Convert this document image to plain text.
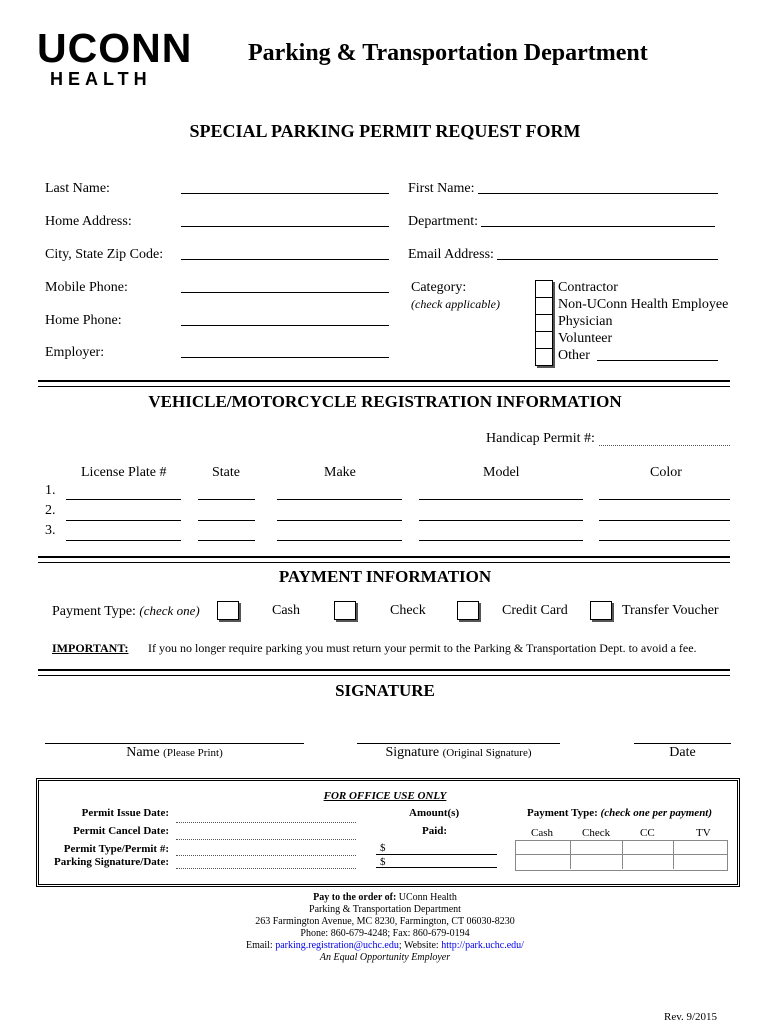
UCONN
HEALTH
Parking & Transportation Department
SPECIAL PARKING PERMIT REQUEST FORM
Last Name:	First Name:
Home Address:	Department:
City, State Zip Code:	Email Address:
Mobile Phone:
Home Phone:
Employer:
Category:
(check applicable)
Contractor
Non-UConn Health Employee
Physician
Volunteer
Other
VEHICLE/MOTORCYCLE REGISTRATION INFORMATION
Handicap Permit #:
License Plate #	State	Make	Model	Color
1.
2.
3.
PAYMENT INFORMATION
Payment Type: (check one)	Cash	Check	Credit Card	Transfer Voucher
IMPORTANT: If you no longer require parking you must return your permit to the Parking & Transportation Dept. to avoid a fee.
SIGNATURE
Name (Please Print)	Signature (Original Signature)	Date
FOR OFFICE USE ONLY
Permit Issue Date:
Permit Cancel Date:
Permit Type/Permit #:
Parking Signature/Date:
Amount(s)
Paid:
$
$
Payment Type: (check one per payment)
Cash	Check	CC	TV
Pay to the order of: UConn Health
Parking & Transportation Department
263 Farmington Avenue, MC 8230, Farmington, CT 06030-8230
Phone: 860-679-4248; Fax: 860-679-0194
Email: parking.registration@uchc.edu; Website: http://park.uchc.edu/
An Equal Opportunity Employer
Rev. 9/2015
